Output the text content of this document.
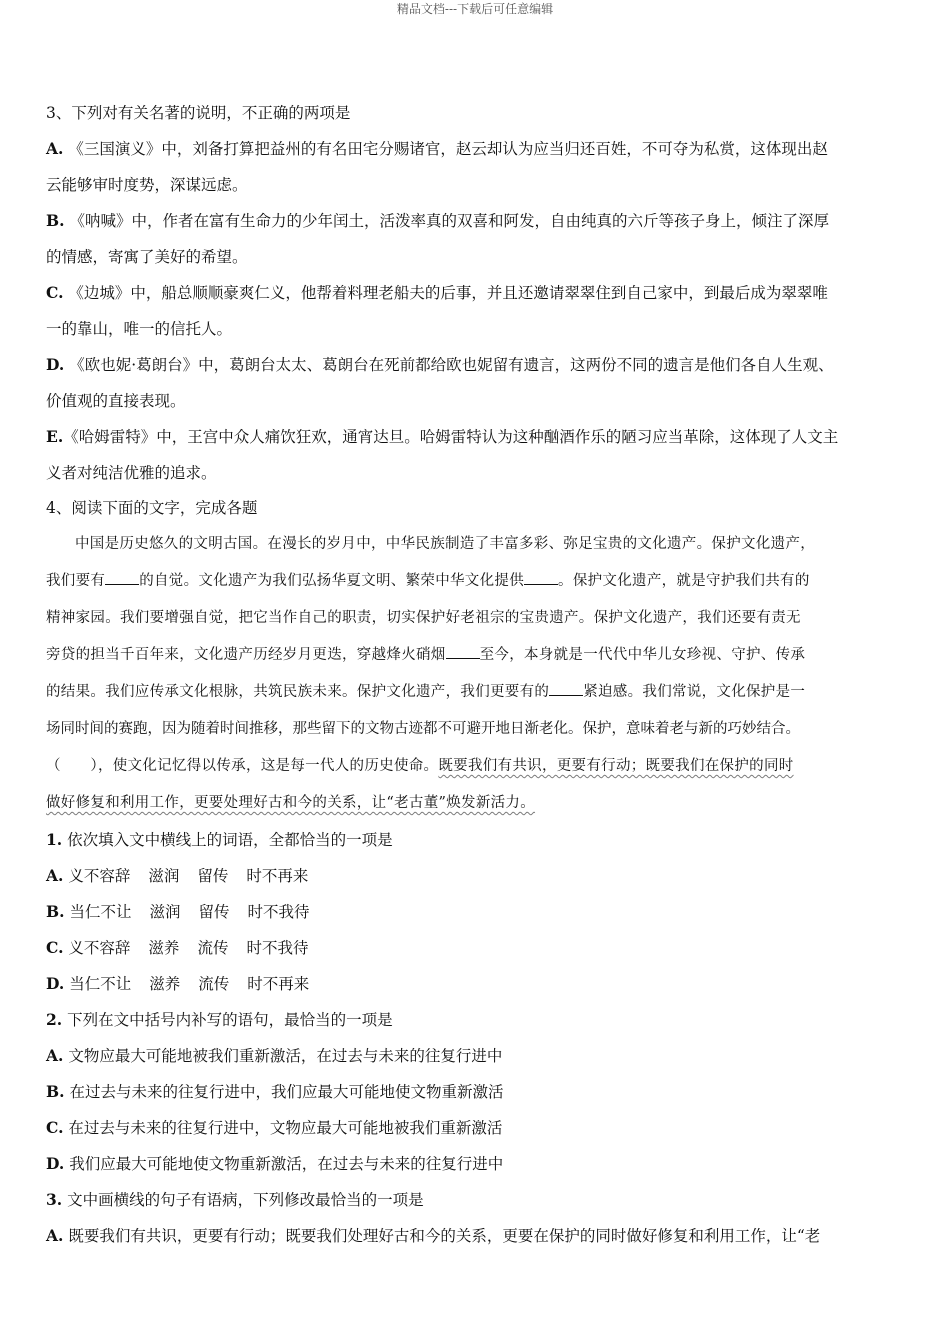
精品文档---下载后可任意编辑

3、下列对有关名著的说明，不正确的两项是

A. 《三国演义》中，刘备打算把益州的有名田宅分赐诸官，赵云却认为应当归还百姓，不可夺为私赏，这体现出赵

云能够审时度势，深谋远虑。

B. 《呐喊》中，作者在富有生命力的少年闰土，活泼率真的双喜和阿发，自由纯真的六斤等孩子身上，倾注了深厚

的情感，寄寓了美好的希望。

C. 《边城》中，船总顺顺豪爽仁义，他帮着料理老船夫的后事，并且还邀请翠翠住到自己家中，到最后成为翠翠唯

一的靠山，唯一的信托人。

D. 《欧也妮·葛朗台》中，葛朗台太太、葛朗台在死前都给欧也妮留有遗言，这两份不同的遗言是他们各自人生观、

价值观的直接表现。

E.《哈姆雷特》中，王宫中众人痛饮狂欢，通宵达旦。哈姆雷特认为这种酗酒作乐的陋习应当革除，这体现了人文主

义者对纯洁优雅的追求。

4、阅读下面的文字，完成各题

中国是历史悠久的文明古国。在漫长的岁月中，中华民族制造了丰富多彩、弥足宝贵的文化遗产。保护文化遗产，

我们要有 的自觉。文化遗产为我们弘扬华夏文明、繁荣中华文化提供 。保护文化遗产，就是守护我们共有的

精神家园。我们要增强自觉，把它当作自己的职责，切实保护好老祖宗的宝贵遗产。保护文化遗产，我们还要有责无

旁贷的担当千百年来，文化遗产历经岁月更迭，穿越烽火硝烟 至今，本身就是一代代中华儿女珍视、守护、传承

的结果。我们应传承文化根脉，共筑民族未来。保护文化遗产，我们更要有的 紧迫感。我们常说，文化保护是一

场同时间的赛跑，因为随着时间推移，那些留下的文物古迹都不可避开地日渐老化。保护，意味着老与新的巧妙结合。

（　　），使文化记忆得以传承，这是每一代人的历史使命。既要我们有共识，更要有行动；既要我们在保护的同时

做好修复和利用工作，更要处理好古和今的关系，让“老古董”焕发新活力。

1. 依次填入文中横线上的词语，全都恰当的一项是

A. 义不容辞 滋润 留传 时不再来

B. 当仁不让 滋润 留传 时不我待

C. 义不容辞 滋养 流传 时不我待

D. 当仁不让 滋养 流传 时不再来

2. 下列在文中括号内补写的语句，最恰当的一项是

A. 文物应最大可能地被我们重新激活，在过去与未来的往复行进中

B. 在过去与未来的往复行进中，我们应最大可能地使文物重新激活

C. 在过去与未来的往复行进中，文物应最大可能地被我们重新激活

D. 我们应最大可能地使文物重新激活，在过去与未来的往复行进中

3. 文中画横线的句子有语病，下列修改最恰当的一项是

A. 既要我们有共识，更要有行动；既要我们处理好古和今的关系，更要在保护的同时做好修复和利用工作，让“老
